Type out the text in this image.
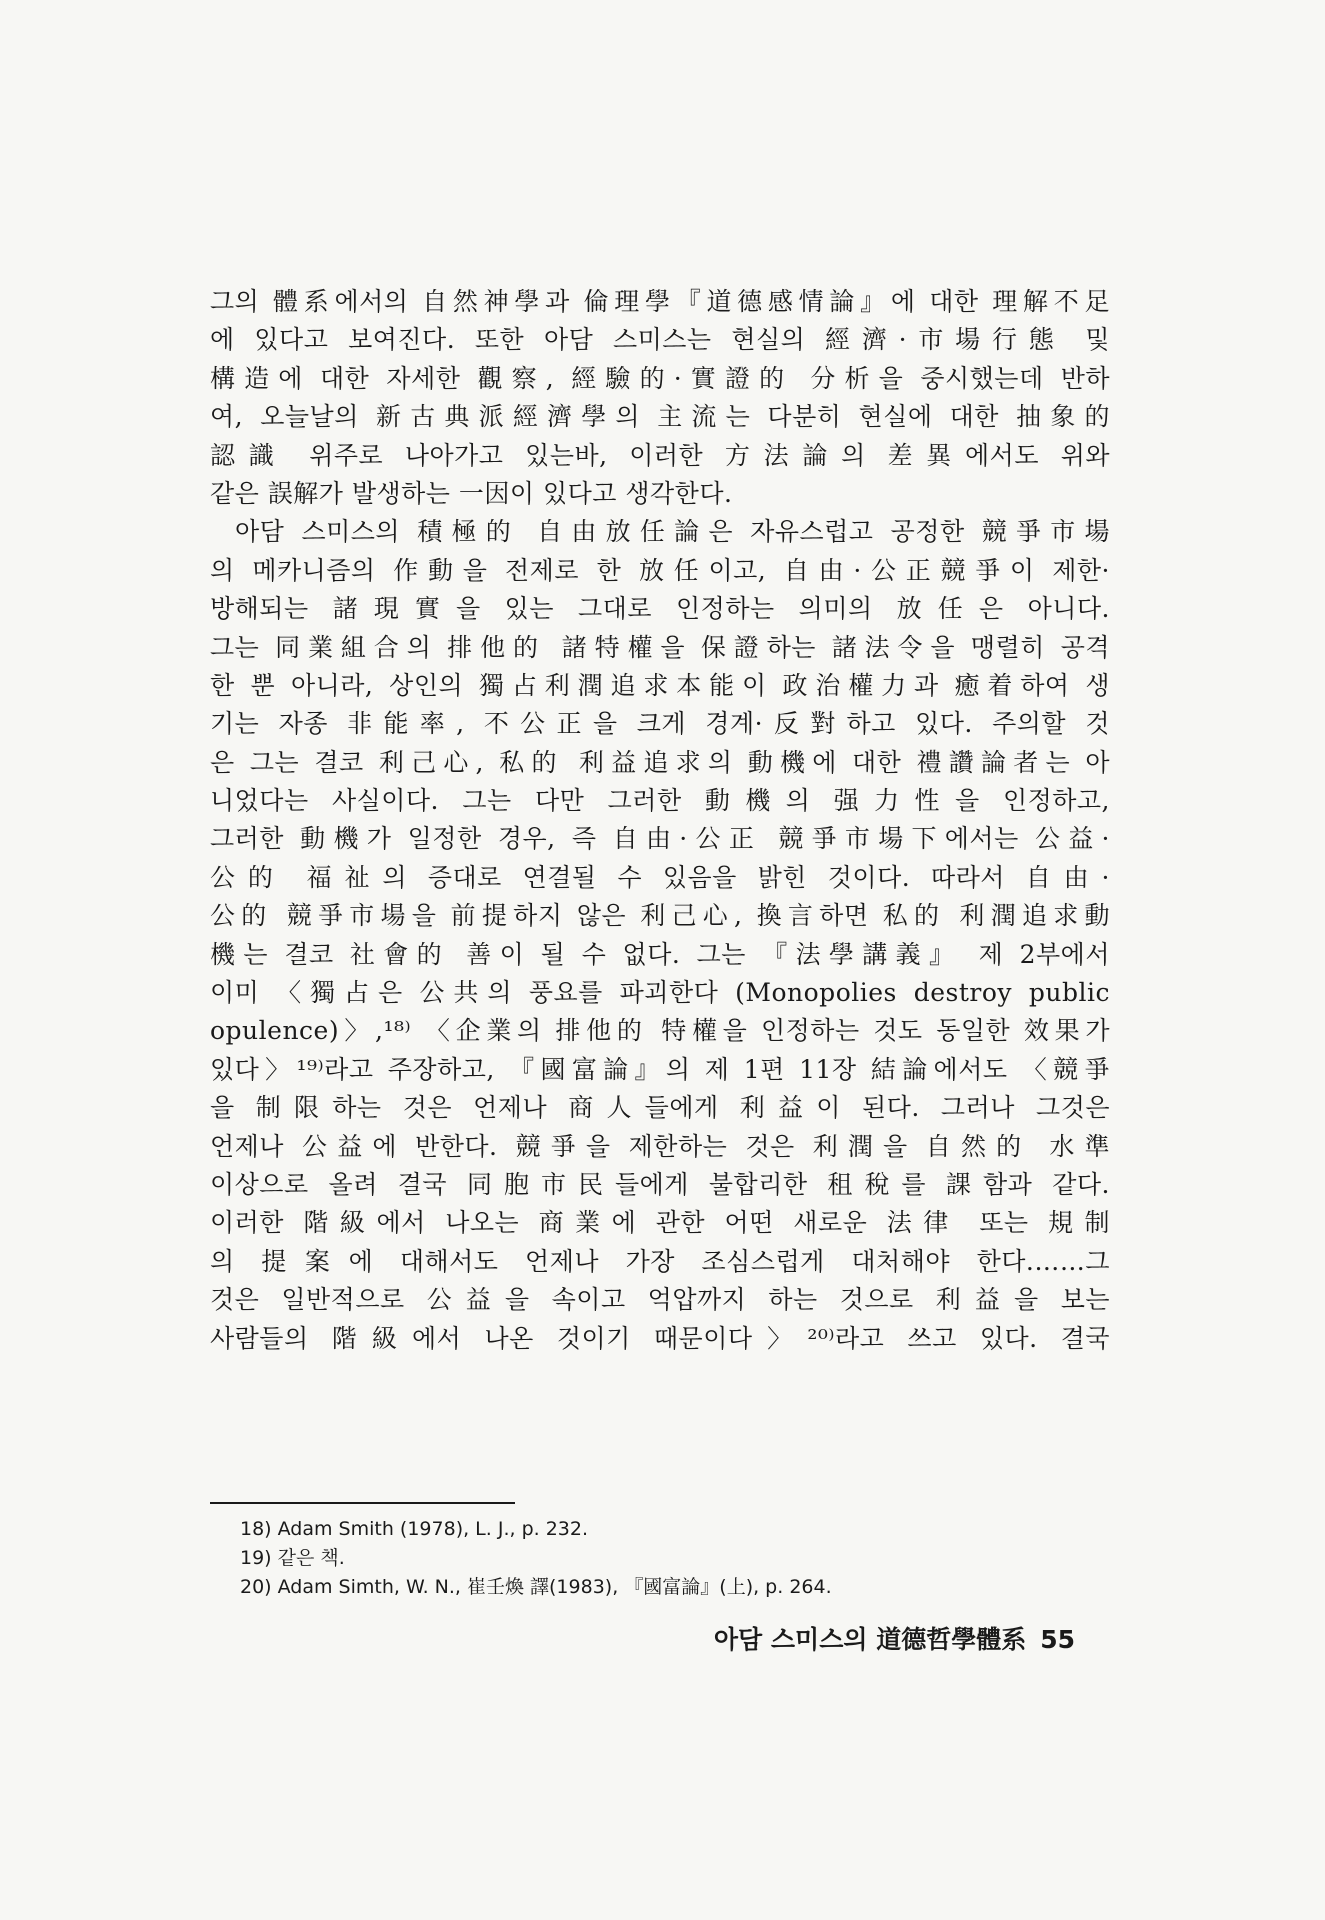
그의 體系에서의 自然神學과 倫理學『道德感情論』에 대한 理解不足
에 있다고 보여진다. 또한 아담 스미스는 현실의 經濟·市場行態 및
構造에 대한 자세한 觀察, 經驗的·實證的 分析을 중시했는데 반하
여, 오늘날의 新古典派經濟學의 主流는 다분히 현실에 대한 抽象的
認識 위주로 나아가고 있는바, 이러한 方法論의 差異에서도 위와
같은 誤解가 발생하는 一因이 있다고 생각한다.
아담 스미스의 積極的 自由放任論은 자유스럽고 공정한 競爭市場
의 메카니즘의 作動을 전제로 한 放任이고, 自由·公正競爭이 제한·
방해되는 諸現實을 있는 그대로 인정하는 의미의 放任은 아니다.
그는 同業組合의 排他的 諸特權을 保證하는 諸法令을 맹렬히 공격
한 뿐 아니라, 상인의 獨占利潤追求本能이 政治權力과 癒着하여 생
기는 자종 非能率, 不公正을 크게 경계·反對하고 있다. 주의할 것
은 그는 결코 利己心, 私的 利益追求의 動機에 대한 禮讚論者는 아
니었다는 사실이다. 그는 다만 그러한 動機의 强力性을 인정하고,
그러한 動機가 일정한 경우, 즉 自由·公正 競爭市場下에서는 公益·
公的 福祉의 증대로 연결될 수 있음을 밝힌 것이다. 따라서 自由·
公的 競爭市場을 前提하지 않은 利己心, 換言하면 私的 利潤追求動
機는 결코 社會的 善이 될 수 없다. 그는 『法學講義』 제 2부에서
이미 〈獨占은 公共의 풍요를 파괴한다 (Monopolies destroy public
opulence)〉,¹⁸⁾ 〈企業의 排他的 特權을 인정하는 것도 동일한 效果가
있다〉¹⁹⁾라고 주장하고, 『國富論』의 제 1편 11장 結論에서도 〈競爭
을 制限하는 것은 언제나 商人들에게 利益이 된다. 그러나 그것은
언제나 公益에 반한다. 競爭을 제한하는 것은 利潤을 自然的 水準
이상으로 올려 결국 同胞市民들에게 불합리한 租稅를 課함과 같다.
이러한 階級에서 나오는 商業에 관한 어떤 새로운 法律 또는 規制
의 提案에 대해서도 언제나 가장 조심스럽게 대처해야 한다.……그
것은 일반적으로 公益을 속이고 억압까지 하는 것으로 利益을 보는
사람들의 階級에서 나온 것이기 때문이다〉²⁰⁾라고 쓰고 있다. 결국
18) Adam Smith (1978), L. J., p. 232.
19) 같은 책.
20) Adam Simth, W. N., 崔壬煥 譯(1983), 『國富論』(上), p. 264.
아담 스미스의 道德哲學體系 55
